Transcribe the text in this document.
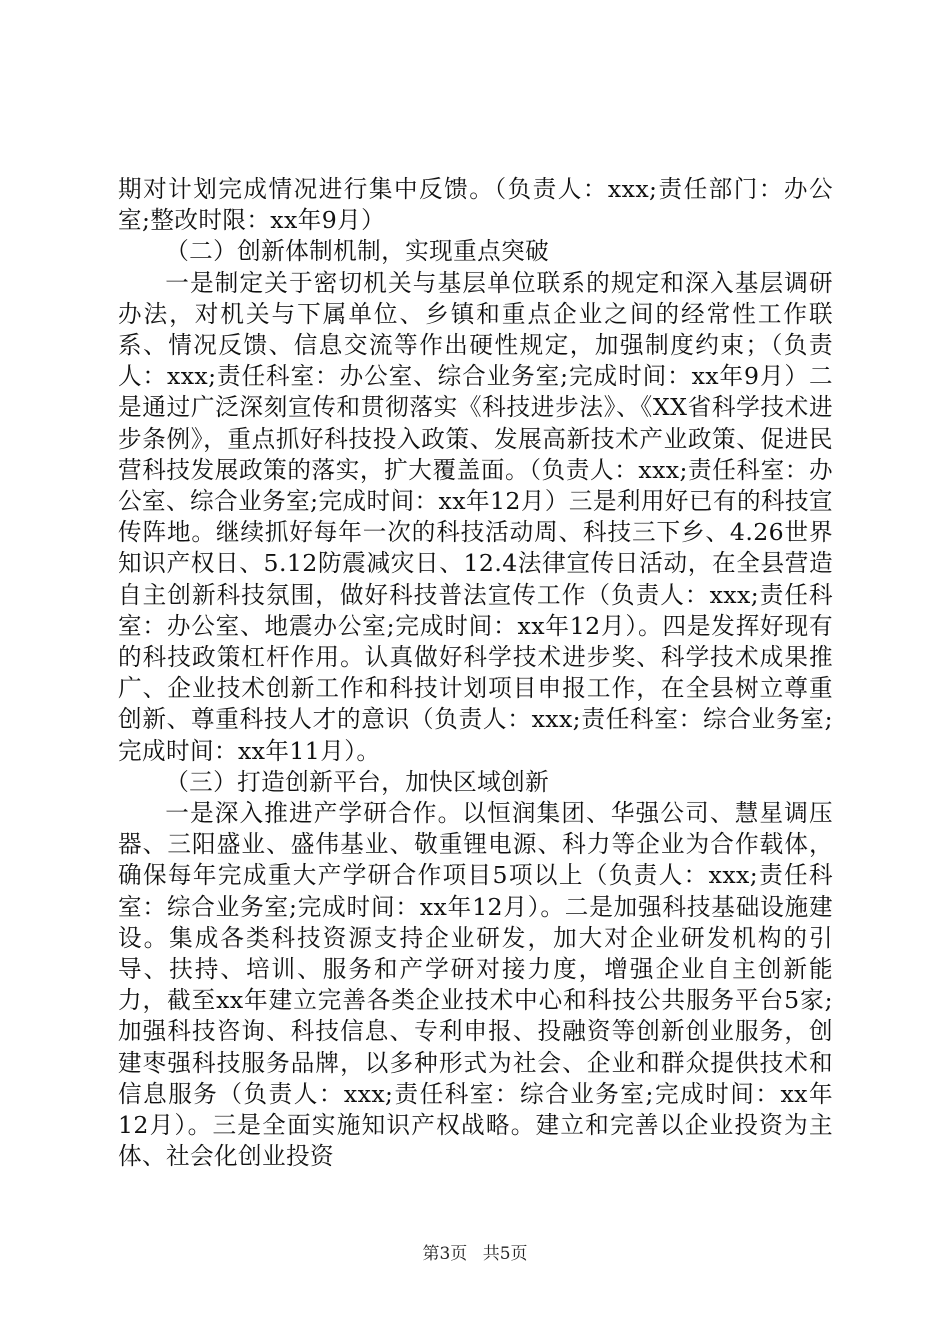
期对计划完成情况进行集中反馈。（负责人：xxx;责任部门：办公室;整改时限：xx年9月）

（二）创新体制机制，实现重点突破

一是制定关于密切机关与基层单位联系的规定和深入基层调研办法，对机关与下属单位、乡镇和重点企业之间的经常性工作联系、情况反馈、信息交流等作出硬性规定，加强制度约束；（负责人：xxx;责任科室：办公室、综合业务室;完成时间：xx年9月）二是通过广泛深刻宣传和贯彻落实《科技进步法》、《XX省科学技术进步条例》，重点抓好科技投入政策、发展高新技术产业政策、促进民营科技发展政策的落实，扩大覆盖面。（负责人：xxx;责任科室：办公室、综合业务室;完成时间：xx年12月）三是利用好已有的科技宣传阵地。继续抓好每年一次的科技活动周、科技三下乡、4.26世界知识产权日、5.12防震减灾日、12.4法律宣传日活动，在全县营造自主创新科技氛围，做好科技普法宣传工作（负责人：xxx;责任科室：办公室、地震办公室;完成时间：xx年12月）。四是发挥好现有的科技政策杠杆作用。认真做好科学技术进步奖、科学技术成果推广、企业技术创新工作和科技计划项目申报工作，在全县树立尊重创新、尊重科技人才的意识（负责人：xxx;责任科室：综合业务室;完成时间：xx年11月）。

（三）打造创新平台，加快区域创新

一是深入推进产学研合作。以恒润集团、华强公司、慧星调压器、三阳盛业、盛伟基业、敬重锂电源、科力等企业为合作载体，确保每年完成重大产学研合作项目5项以上（负责人：xxx;责任科室：综合业务室;完成时间：xx年12月）。二是加强科技基础设施建设。集成各类科技资源支持企业研发，加大对企业研发机构的引导、扶持、培训、服务和产学研对接力度，增强企业自主创新能力，截至xx年建立完善各类企业技术中心和科技公共服务平台5家;加强科技咨询、科技信息、专利申报、投融资等创新创业服务，创建枣强科技服务品牌，以多种形式为社会、企业和群众提供技术和信息服务（负责人：xxx;责任科室：综合业务室;完成时间：xx年12月）。三是全面实施知识产权战略。建立和完善以企业投资为主体、社会化创业投资

第3页 共5页
